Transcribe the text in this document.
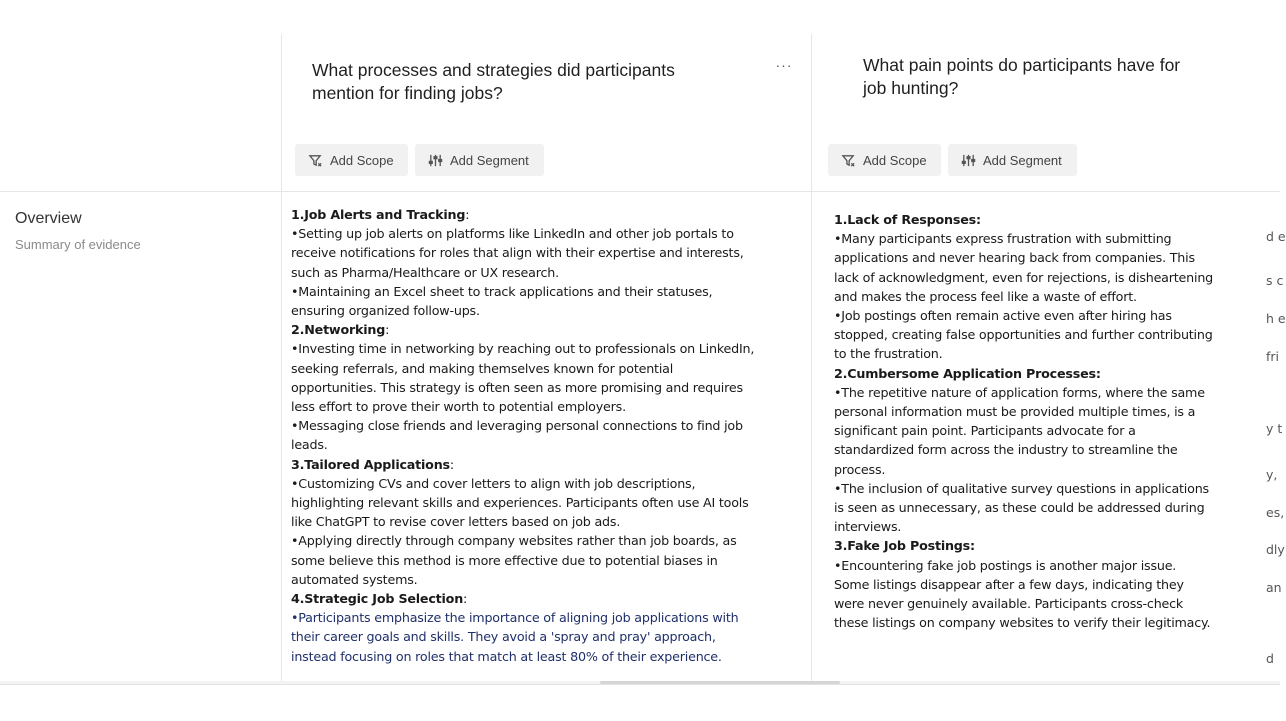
What processes and strategies did participants mention for finding jobs?
···
Add Scope	Add Segment
What pain points do participants have for job hunting?
Add Scope	Add Segment
Overview
Summary of evidence

1.Job Alerts and Tracking:

•Setting up job alerts on platforms like LinkedIn and other job portals to receive notifications for roles that align with their expertise and interests, such as Pharma/Healthcare or UX research.

•Maintaining an Excel sheet to track applications and their statuses, ensuring organized follow-ups.

2.Networking:

•Investing time in networking by reaching out to professionals on LinkedIn, seeking referrals, and making themselves known for potential opportunities. This strategy is often seen as more promising and requires less effort to prove their worth to potential employers.

•Messaging close friends and leveraging personal connections to find job leads.

3.Tailored Applications:

•Customizing CVs and cover letters to align with job descriptions, highlighting relevant skills and experiences. Participants often use AI tools like ChatGPT to revise cover letters based on job ads.

•Applying directly through company websites rather than job boards, as some believe this method is more effective due to potential biases in automated systems.

4.Strategic Job Selection:

•Participants emphasize the importance of aligning job applications with their career goals and skills. They avoid a 'spray and pray' approach, instead focusing on roles that match at least 80% of their experience.

1.Lack of Responses:

•Many participants express frustration with submitting applications and never hearing back from companies. This lack of acknowledgment, even for rejections, is disheartening and makes the process feel like a waste of effort.

•Job postings often remain active even after hiring has stopped, creating false opportunities and further contributing to the frustration.

2.Cumbersome Application Processes:

•The repetitive nature of application forms, where the same personal information must be provided multiple times, is a significant pain point. Participants advocate for a standardized form across the industry to streamline the process.

•The inclusion of qualitative survey questions in applications is seen as unnecessary, as these could be addressed during interviews.

3.Fake Job Postings:

•Encountering fake job postings is another major issue. Some listings disappear after a few days, indicating they were never genuinely available. Participants cross-check these listings on company websites to verify their legitimacy.

d e
s c
h e
fri
y t
y,
es,
dly
an
d
